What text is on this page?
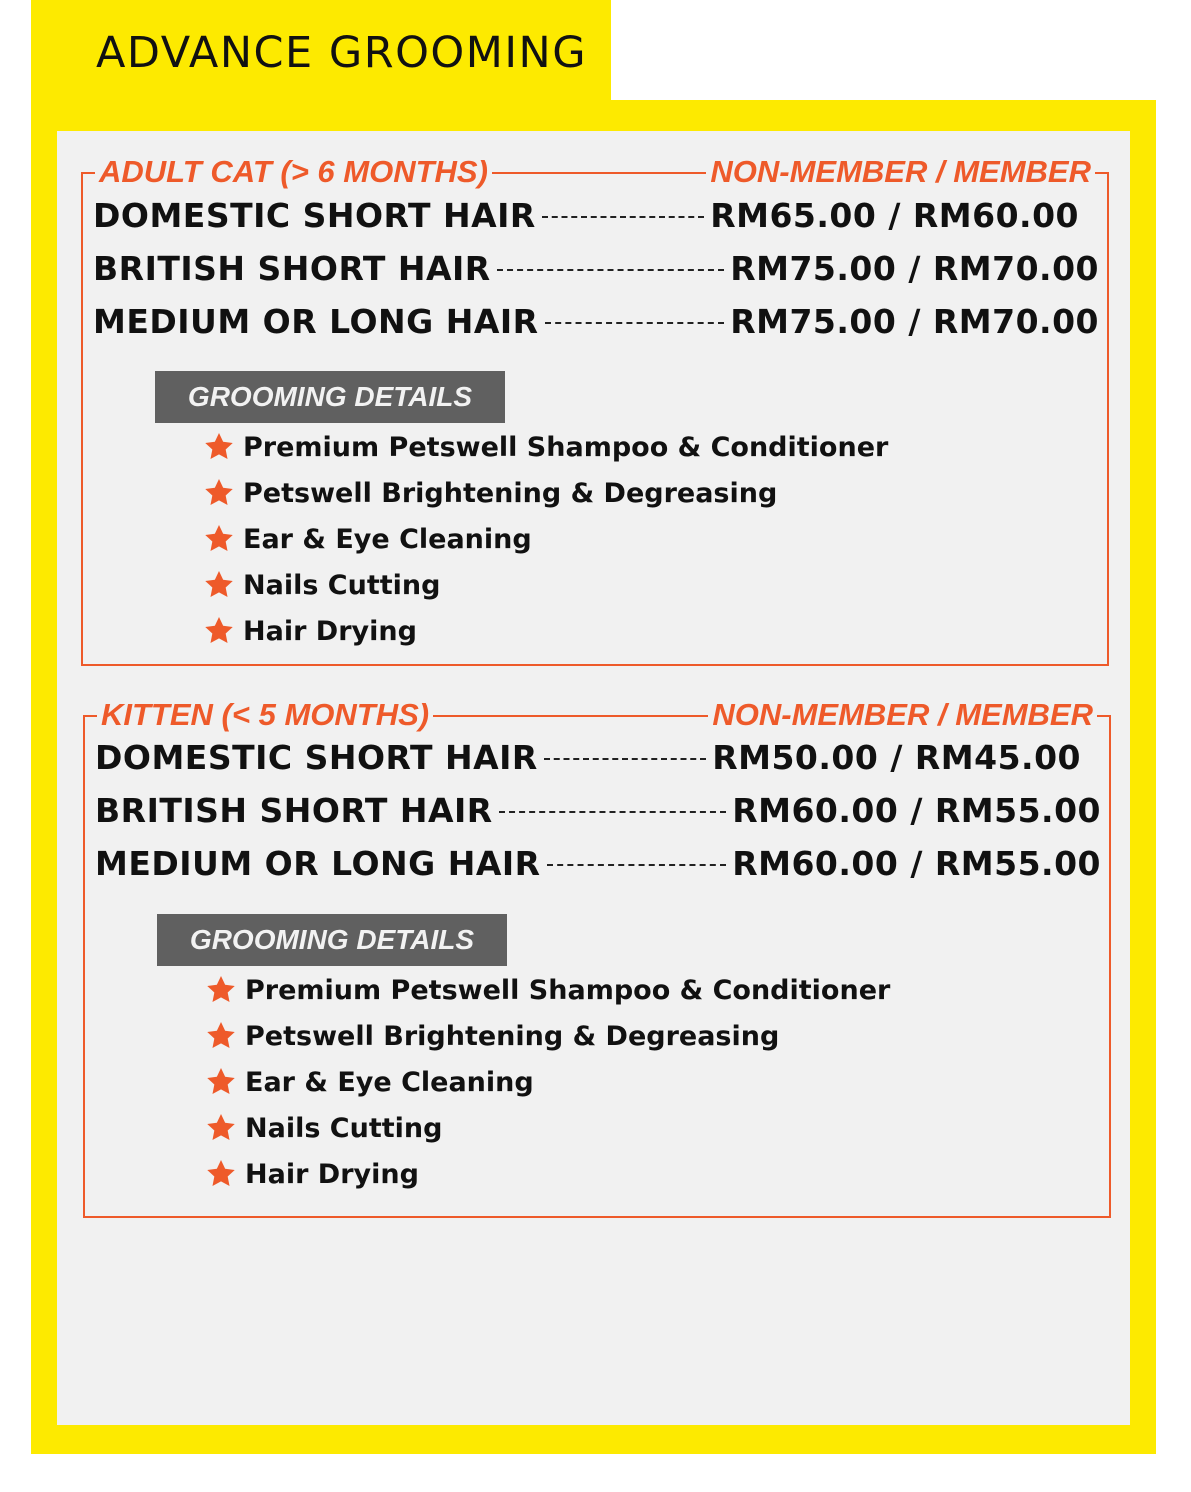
ADVANCE GROOMING
ADULT CAT (> 6 MONTHS)	NON-MEMBER / MEMBER
DOMESTIC SHORT HAIR	RM65.00 / RM60.00
BRITISH SHORT HAIR	RM75.00 / RM70.00
MEDIUM OR LONG HAIR	RM75.00 / RM70.00
GROOMING DETAILS
Premium Petswell Shampoo & Conditioner
Petswell Brightening & Degreasing
Ear & Eye Cleaning
Nails Cutting
Hair Drying
KITTEN (< 5 MONTHS)	NON-MEMBER / MEMBER
DOMESTIC SHORT HAIR	RM50.00 / RM45.00
BRITISH SHORT HAIR	RM60.00 / RM55.00
MEDIUM OR LONG HAIR	RM60.00 / RM55.00
GROOMING DETAILS
Premium Petswell Shampoo & Conditioner
Petswell Brightening & Degreasing
Ear & Eye Cleaning
Nails Cutting
Hair Drying
